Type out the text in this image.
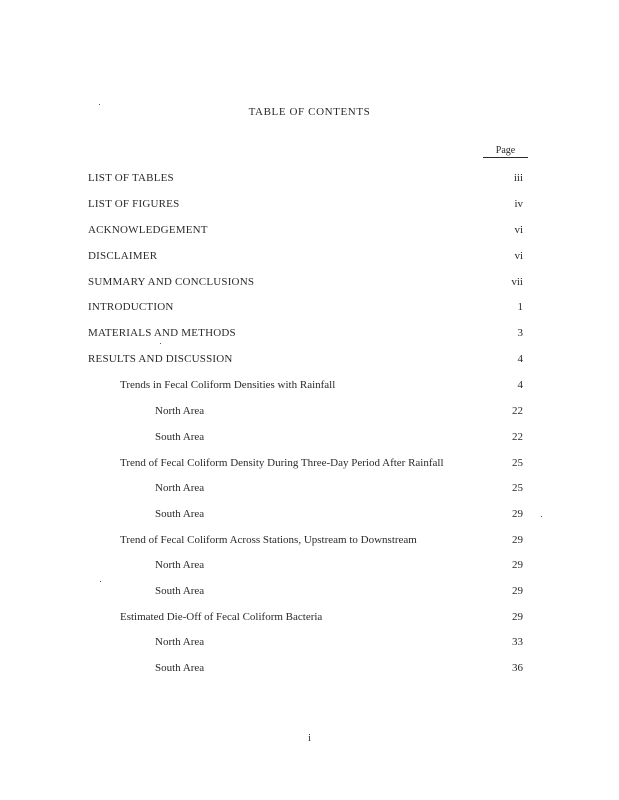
TABLE OF CONTENTS
Page
LIST OF TABLES	iii
LIST OF FIGURES	iv
ACKNOWLEDGEMENT	vi
DISCLAIMER	vi
SUMMARY AND CONCLUSIONS	vii
INTRODUCTION	1
MATERIALS AND METHODS	3
RESULTS AND DISCUSSION	4
Trends in Fecal Coliform Densities with Rainfall	4
North Area	22
South Area	22
Trend of Fecal Coliform Density During Three-Day Period After Rainfall	25
North Area	25
South Area	29
Trend of Fecal Coliform Across Stations, Upstream to Downstream	29
North Area	29
South Area	29
Estimated Die-Off of Fecal Coliform Bacteria	29
North Area	33
South Area	36
i
